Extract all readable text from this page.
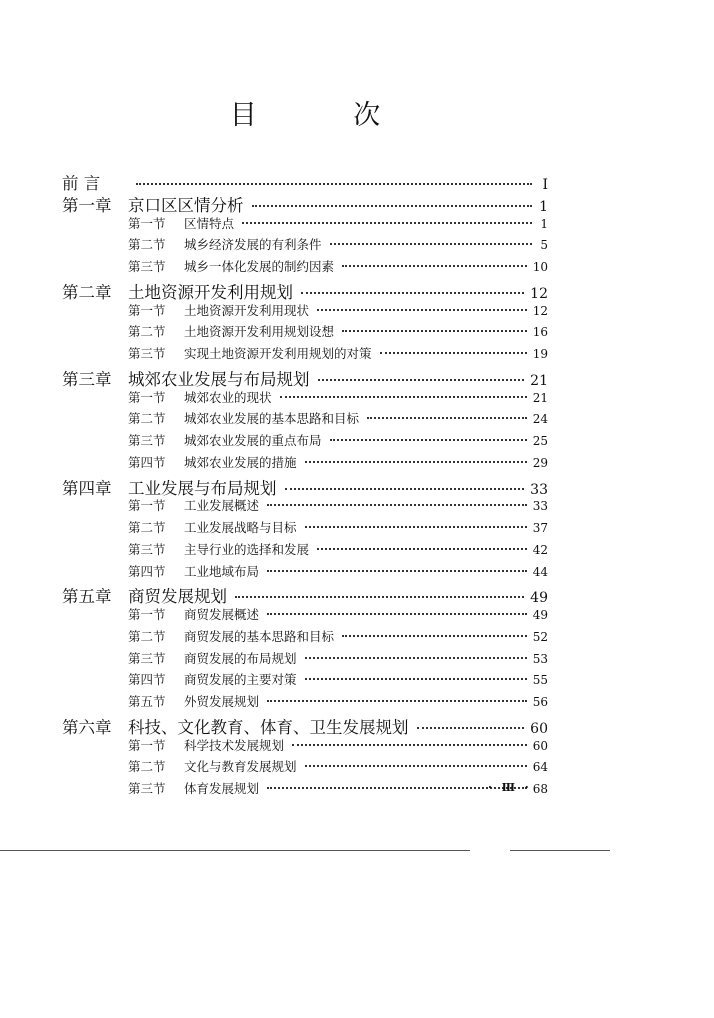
目 次
前 言	Ⅰ
第一章 京口区区情分析	1
第一节 区情特点	1
第二节 城乡经济发展的有利条件	5
第三节 城乡一体化发展的制约因素	10
第二章 土地资源开发利用规划	12
第一节 土地资源开发利用现状	12
第二节 土地资源开发利用规划设想	16
第三节 实现土地资源开发利用规划的对策	19
第三章 城郊农业发展与布局规划	21
第一节 城郊农业的现状	21
第二节 城郊农业发展的基本思路和目标	24
第三节 城郊农业发展的重点布局	25
第四节 城郊农业发展的措施	29
第四章 工业发展与布局规划	33
第一节 工业发展概述	33
第二节 工业发展战略与目标	37
第三节 主导行业的选择和发展	42
第四节 工业地域布局	44
第五章 商贸发展规划	49
第一节 商贸发展概述	49
第二节 商贸发展的基本思路和目标	52
第三节 商贸发展的布局规划	53
第四节 商贸发展的主要对策	55
第五节 外贸发展规划	56
第六章 科技、文化教育、体育、卫生发展规划	60
第一节 科学技术发展规划	60
第二节 文化与教育发展规划	64
第三节 体育发展规划	68
· Ⅲ ·
